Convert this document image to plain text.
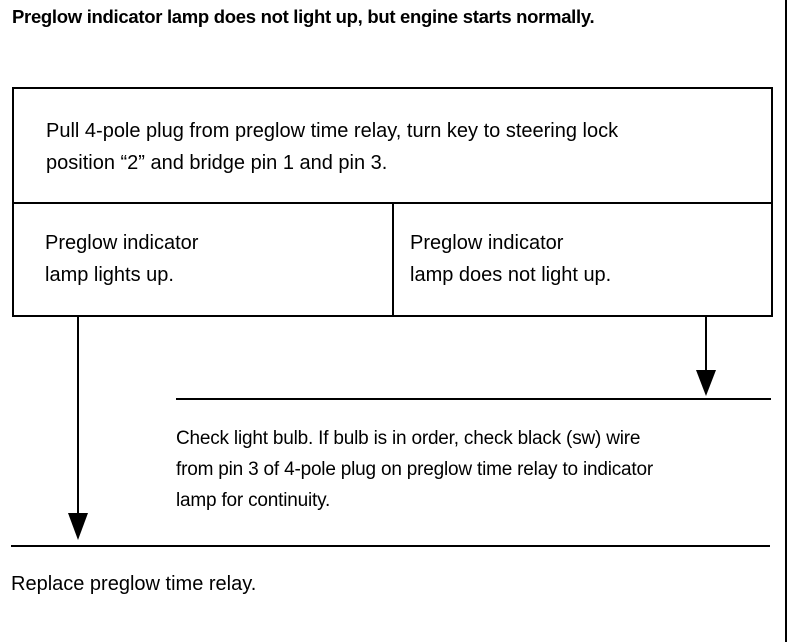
Preglow indicator lamp does not light up, but engine starts normally.
Pull 4-pole plug from preglow time relay, turn key to steering lock
position “2” and bridge pin 1 and pin 3.
Preglow indicator
lamp lights up.
Preglow indicator
lamp does not light up.
Check light bulb. If bulb is in order, check black (sw) wire
from pin 3 of 4-pole plug on preglow time relay to indicator
lamp for continuity.
Replace preglow time relay.
